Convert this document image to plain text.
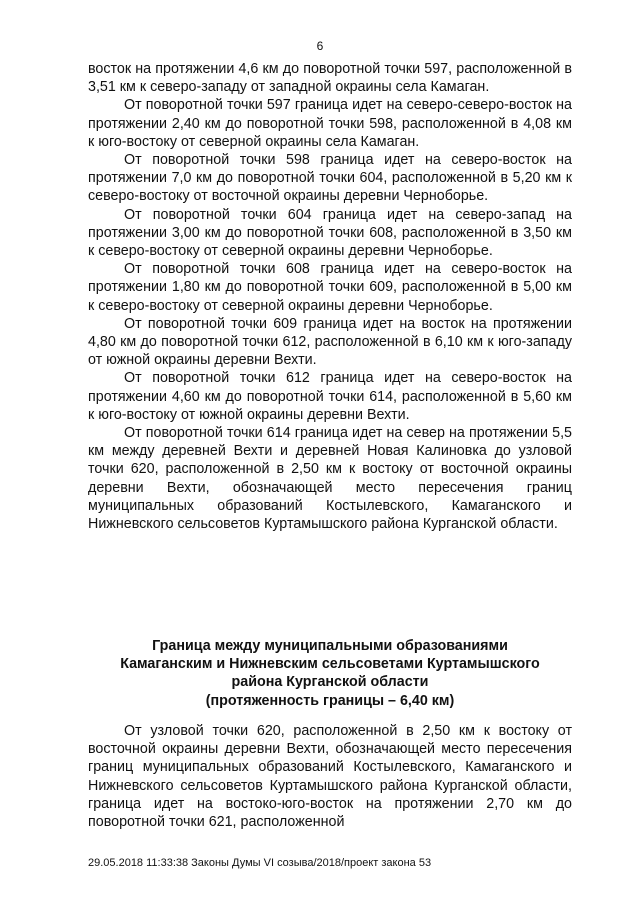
6

восток на протяжении 4,6 км до поворотной точки 597, расположенной в 3,51 км к северо-западу от западной окраины села Камаган.

От поворотной точки 597 граница идет на северо-северо-восток на протяжении 2,40 км до поворотной точки 598, расположенной в 4,08 км к юго-востоку от северной окраины села Камаган.

От поворотной точки 598 граница идет на северо-восток на протяжении 7,0 км до поворотной точки 604, расположенной в 5,20 км к северо-востоку от восточной окраины деревни Черноборье.

От поворотной точки 604 граница идет на северо-запад на протяжении 3,00 км до поворотной точки 608, расположенной в 3,50 км к северо-востоку от северной окраины деревни Черноборье.

От поворотной точки 608 граница идет на северо-восток на протяжении 1,80 км до поворотной точки 609, расположенной в 5,00 км к северо-востоку от северной окраины деревни Черноборье.

От поворотной точки 609 граница идет на восток на протяжении 4,80 км до поворотной точки 612, расположенной в 6,10 км к юго-западу от южной окраины деревни Вехти.

От поворотной точки 612 граница идет на северо-восток на протяжении 4,60 км до поворотной точки 614, расположенной в 5,60 км к юго-востоку от южной окраины деревни Вехти.

От поворотной точки 614 граница идет на север на протяжении 5,5 км между деревней Вехти и деревней Новая Калиновка до узловой точки 620, расположенной в 2,50 км к востоку от восточной окраины деревни Вехти, обозначающей место пересечения границ муниципальных образований Костылевского, Камаганского и Нижневского сельсоветов Куртамышского района Курганской области.

Граница между муниципальными образованиями
Камаганским и Нижневским сельсоветами Куртамышского
района Курганской области
(протяженность границы – 6,40 км)

От узловой точки 620, расположенной в 2,50 км к востоку от восточной окраины деревни Вехти, обозначающей место пересечения границ муниципальных образований Костылевского, Камаганского и Нижневского сельсоветов Куртамышского района Курганской области, граница идет на востоко-юго-восток на протяжении 2,70 км до поворотной точки 621, расположенной

29.05.2018 11:33:38 Законы Думы VI созыва/2018/проект закона 53
